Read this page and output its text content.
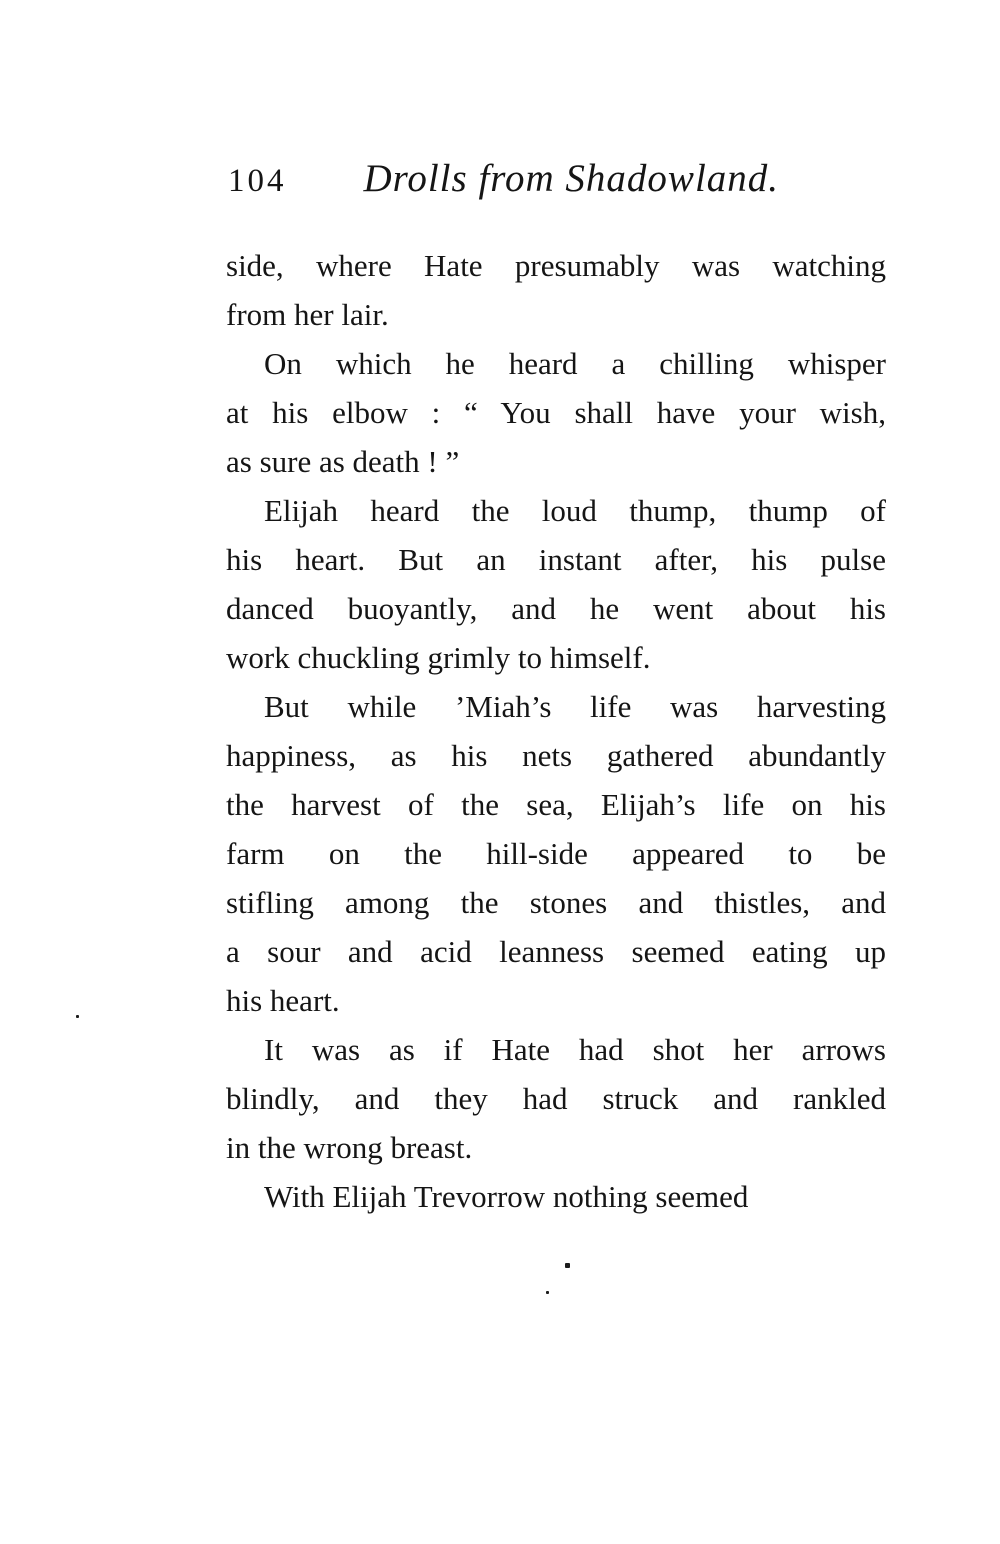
104	Drolls from Shadowland.
side, where Hate presumably was watching
from her lair.
On which he heard a chilling whisper
at his elbow : “ You shall have your wish,
as sure as death ! ”
Elijah heard the loud thump, thump of
his heart. But an instant after, his pulse
danced buoyantly, and he went about his
work chuckling grimly to himself.
But while ’Miah’s life was harvesting
happiness, as his nets gathered abundantly
the harvest of the sea, Elijah’s life on his
farm on the hill-side appeared to be
stifling among the stones and thistles, and
a sour and acid leanness seemed eating up
his heart.
It was as if Hate had shot her arrows
blindly, and they had struck and rankled
in the wrong breast.
With Elijah Trevorrow nothing seemed
